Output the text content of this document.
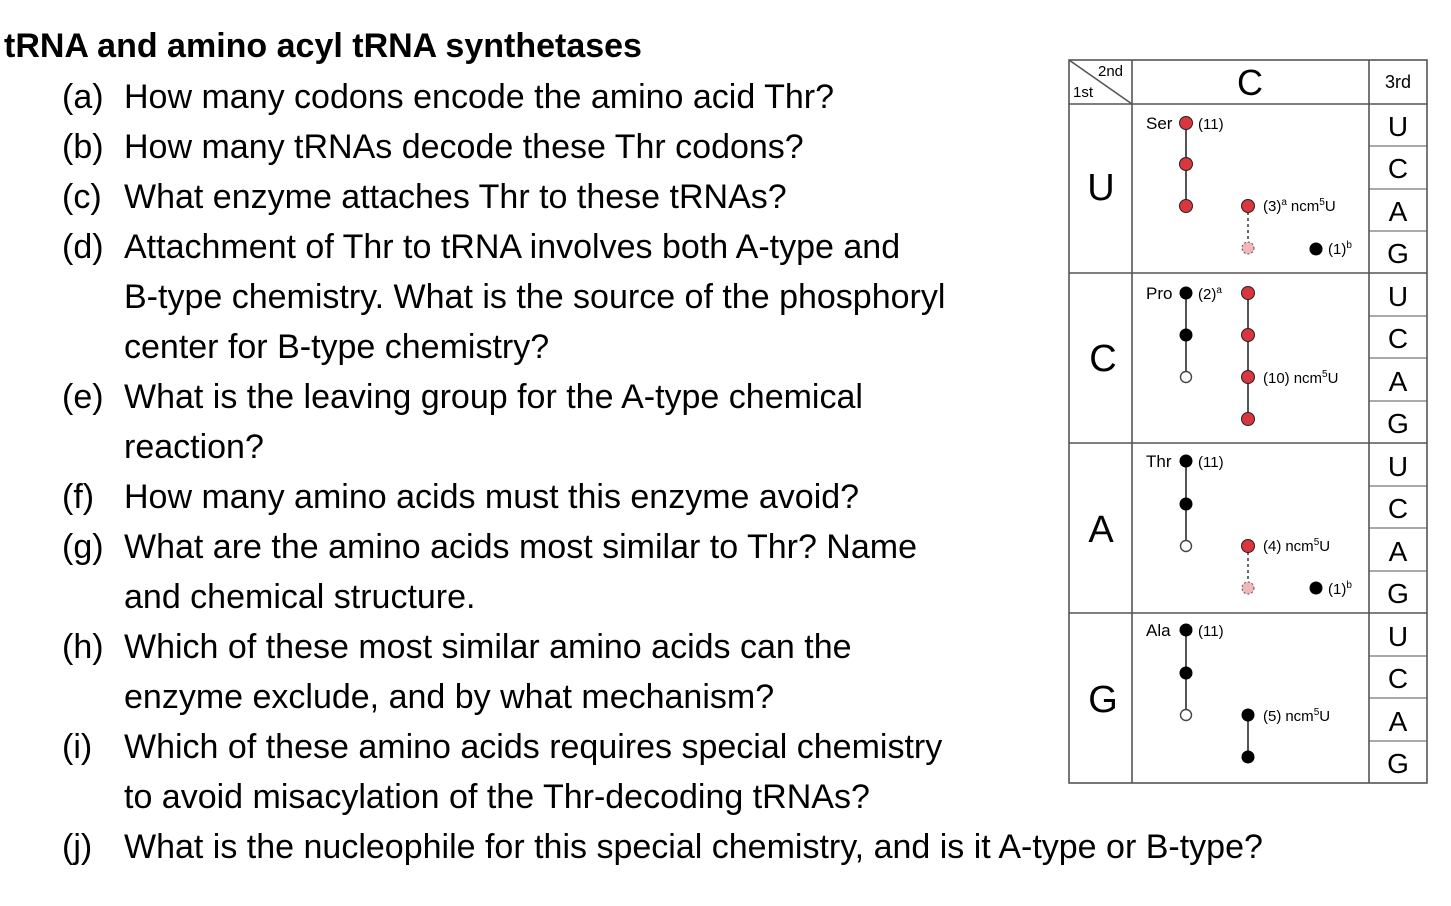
tRNA and amino acyl tRNA synthetases
(a) How many codons encode the amino acid Thr?
(b) How many tRNAs decode these Thr codons?
(c) What enzyme attaches Thr to these tRNAs?
(d) Attachment of Thr to tRNA involves both A-type and
B-type chemistry. What is the source of the phosphoryl
center for B-type chemistry?
(e) What is the leaving group for the A-type chemical
reaction?
(f) How many amino acids must this enzyme avoid?
(g) What are the amino acids most similar to Thr? Name
and chemical structure.
(h) Which of these most similar amino acids can the
enzyme exclude, and by what mechanism?
(i) Which of these amino acids requires special chemistry
to avoid misacylation of the Thr-decoding tRNAs?
(j) What is the nucleophile for this special chemistry, and is it A-type or B-type?
2nd
1st	C	3rd
U
C
A
G
U
C
A
G
U
C
A
G
U
C
A
G
U
C
A
G
Ser (11)
$(3)^a$ ncm$^5$U
$(1)^b$
Pro $(2)^a$
(10) ncm$^5$U
Thr (11)
(4) ncm$^5$U
$(1)^b$
Ala (11)
(5) ncm$^5$U
